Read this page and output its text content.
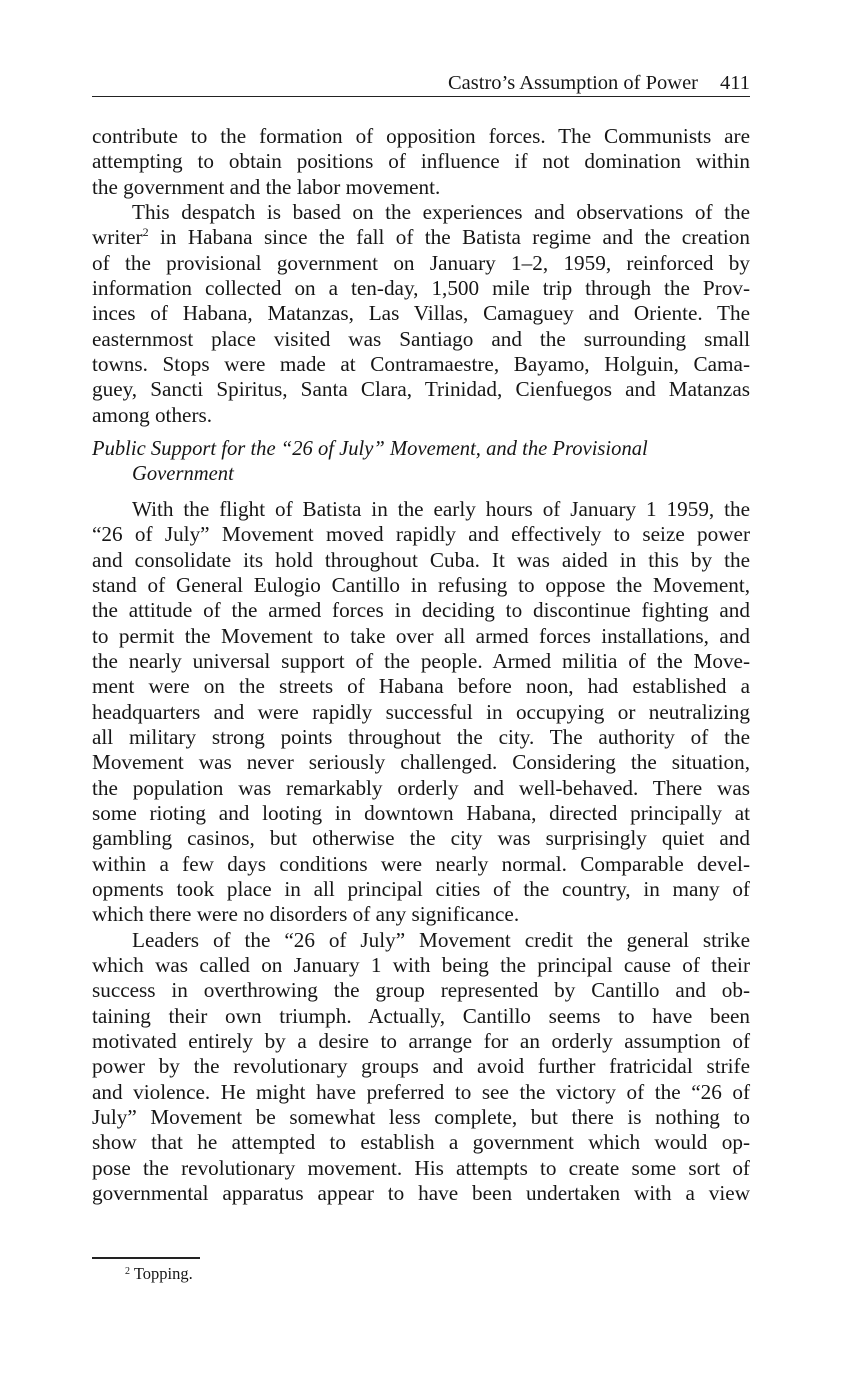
Castro’s Assumption of Power 411
contribute to the formation of opposition forces. The Communists are
attempting to obtain positions of influence if not domination within
the government and the labor movement.
This despatch is based on the experiences and observations of the
writer$^2$ in Habana since the fall of the Batista regime and the creation
of the provisional government on January 1–2, 1959, reinforced by
information collected on a ten-day, 1,500 mile trip through the Prov-
inces of Habana, Matanzas, Las Villas, Camaguey and Oriente. The
easternmost place visited was Santiago and the surrounding small
towns. Stops were made at Contramaestre, Bayamo, Holguin, Cama-
guey, Sancti Spiritus, Santa Clara, Trinidad, Cienfuegos and Matanzas
among others.
Public Support for the “26 of July” Movement, and the Provisional
Government
With the flight of Batista in the early hours of January 1 1959, the
“26 of July” Movement moved rapidly and effectively to seize power
and consolidate its hold throughout Cuba. It was aided in this by the
stand of General Eulogio Cantillo in refusing to oppose the Movement,
the attitude of the armed forces in deciding to discontinue fighting and
to permit the Movement to take over all armed forces installations, and
the nearly universal support of the people. Armed militia of the Move-
ment were on the streets of Habana before noon, had established a
headquarters and were rapidly successful in occupying or neutralizing
all military strong points throughout the city. The authority of the
Movement was never seriously challenged. Considering the situation,
the population was remarkably orderly and well-behaved. There was
some rioting and looting in downtown Habana, directed principally at
gambling casinos, but otherwise the city was surprisingly quiet and
within a few days conditions were nearly normal. Comparable devel-
opments took place in all principal cities of the country, in many of
which there were no disorders of any significance.
Leaders of the “26 of July” Movement credit the general strike
which was called on January 1 with being the principal cause of their
success in overthrowing the group represented by Cantillo and ob-
taining their own triumph. Actually, Cantillo seems to have been
motivated entirely by a desire to arrange for an orderly assumption of
power by the revolutionary groups and avoid further fratricidal strife
and violence. He might have preferred to see the victory of the “26 of
July” Movement be somewhat less complete, but there is nothing to
show that he attempted to establish a government which would op-
pose the revolutionary movement. His attempts to create some sort of
governmental apparatus appear to have been undertaken with a view
$^2$ Topping.
